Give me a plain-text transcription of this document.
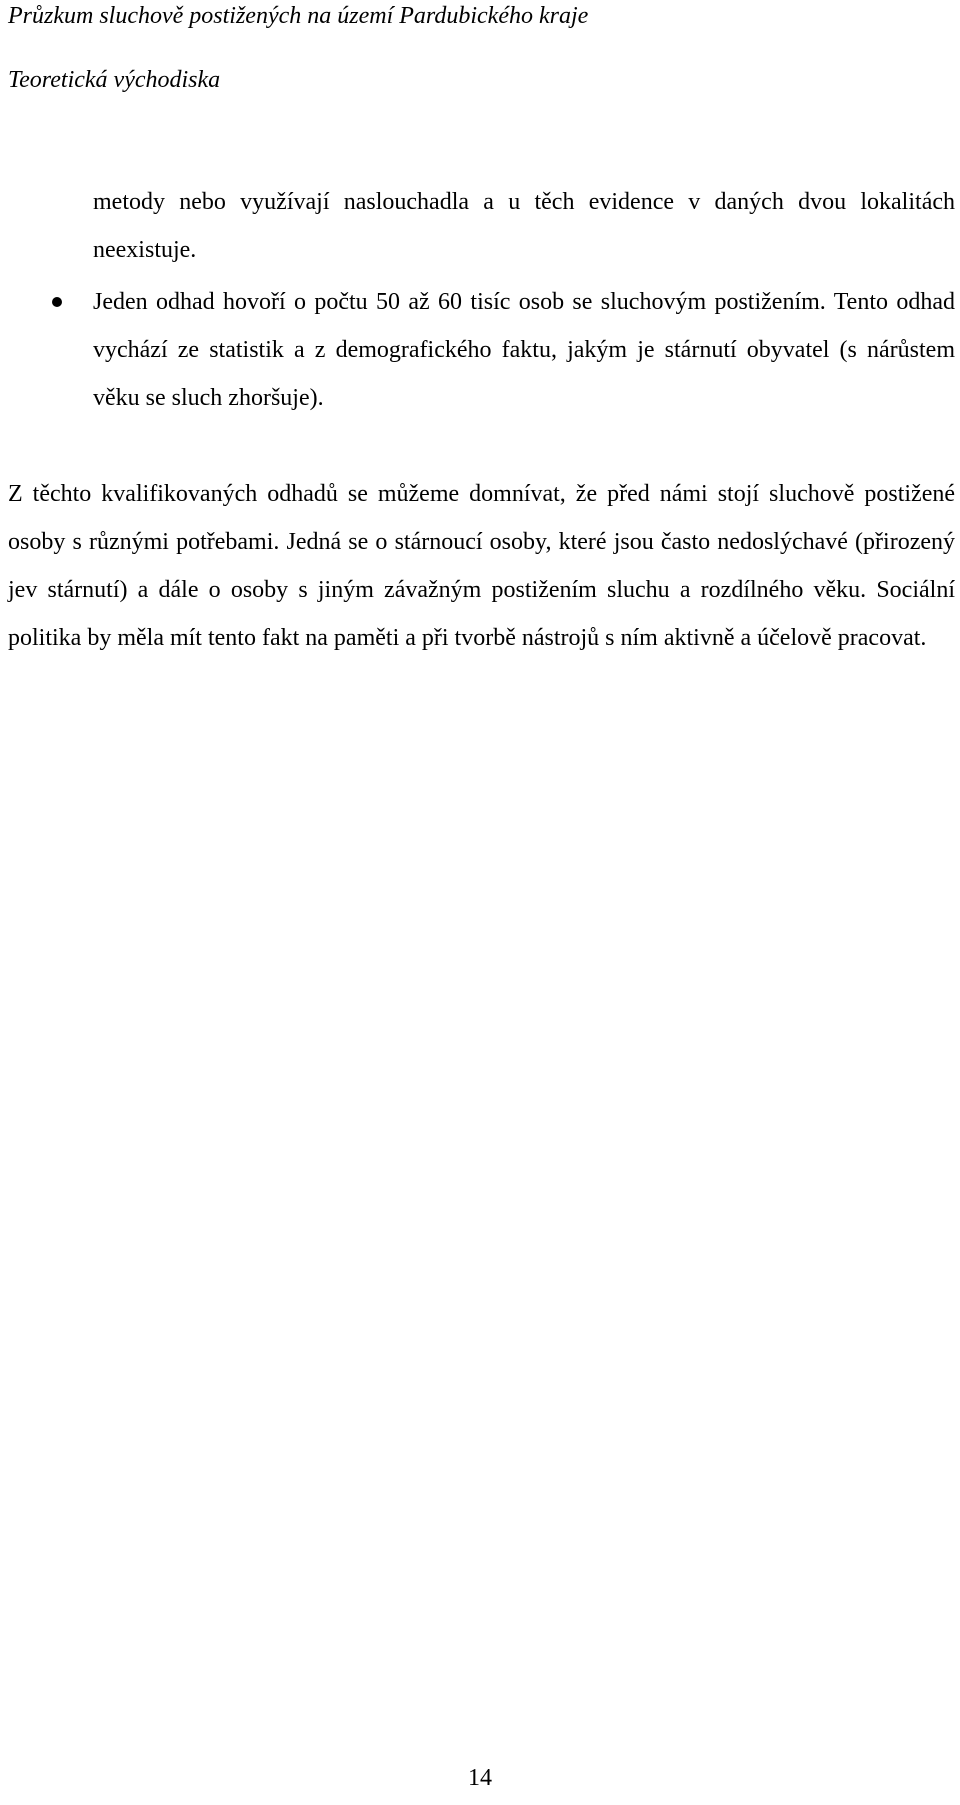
Průzkum sluchově postižených na území Pardubického kraje
Teoretická východiska
metody nebo využívají naslouchadla a u těch evidence v daných dvou lokalitách neexistuje.
Jeden odhad hovoří o počtu 50 až 60 tisíc osob se sluchovým postižením. Tento odhad vychází ze statistik a z demografického faktu, jakým je stárnutí obyvatel (s nárůstem věku se sluch zhoršuje).
Z těchto kvalifikovaných odhadů se můžeme domnívat, že před námi stojí sluchově postižené osoby s různými potřebami. Jedná se o stárnoucí osoby, které jsou často nedoslýchavé (přirozený jev stárnutí) a dále o osoby s jiným závažným postižením sluchu a rozdílného věku. Sociální politika by měla mít tento fakt na paměti a při tvorbě nástrojů s ním aktivně a účelově pracovat.
14
